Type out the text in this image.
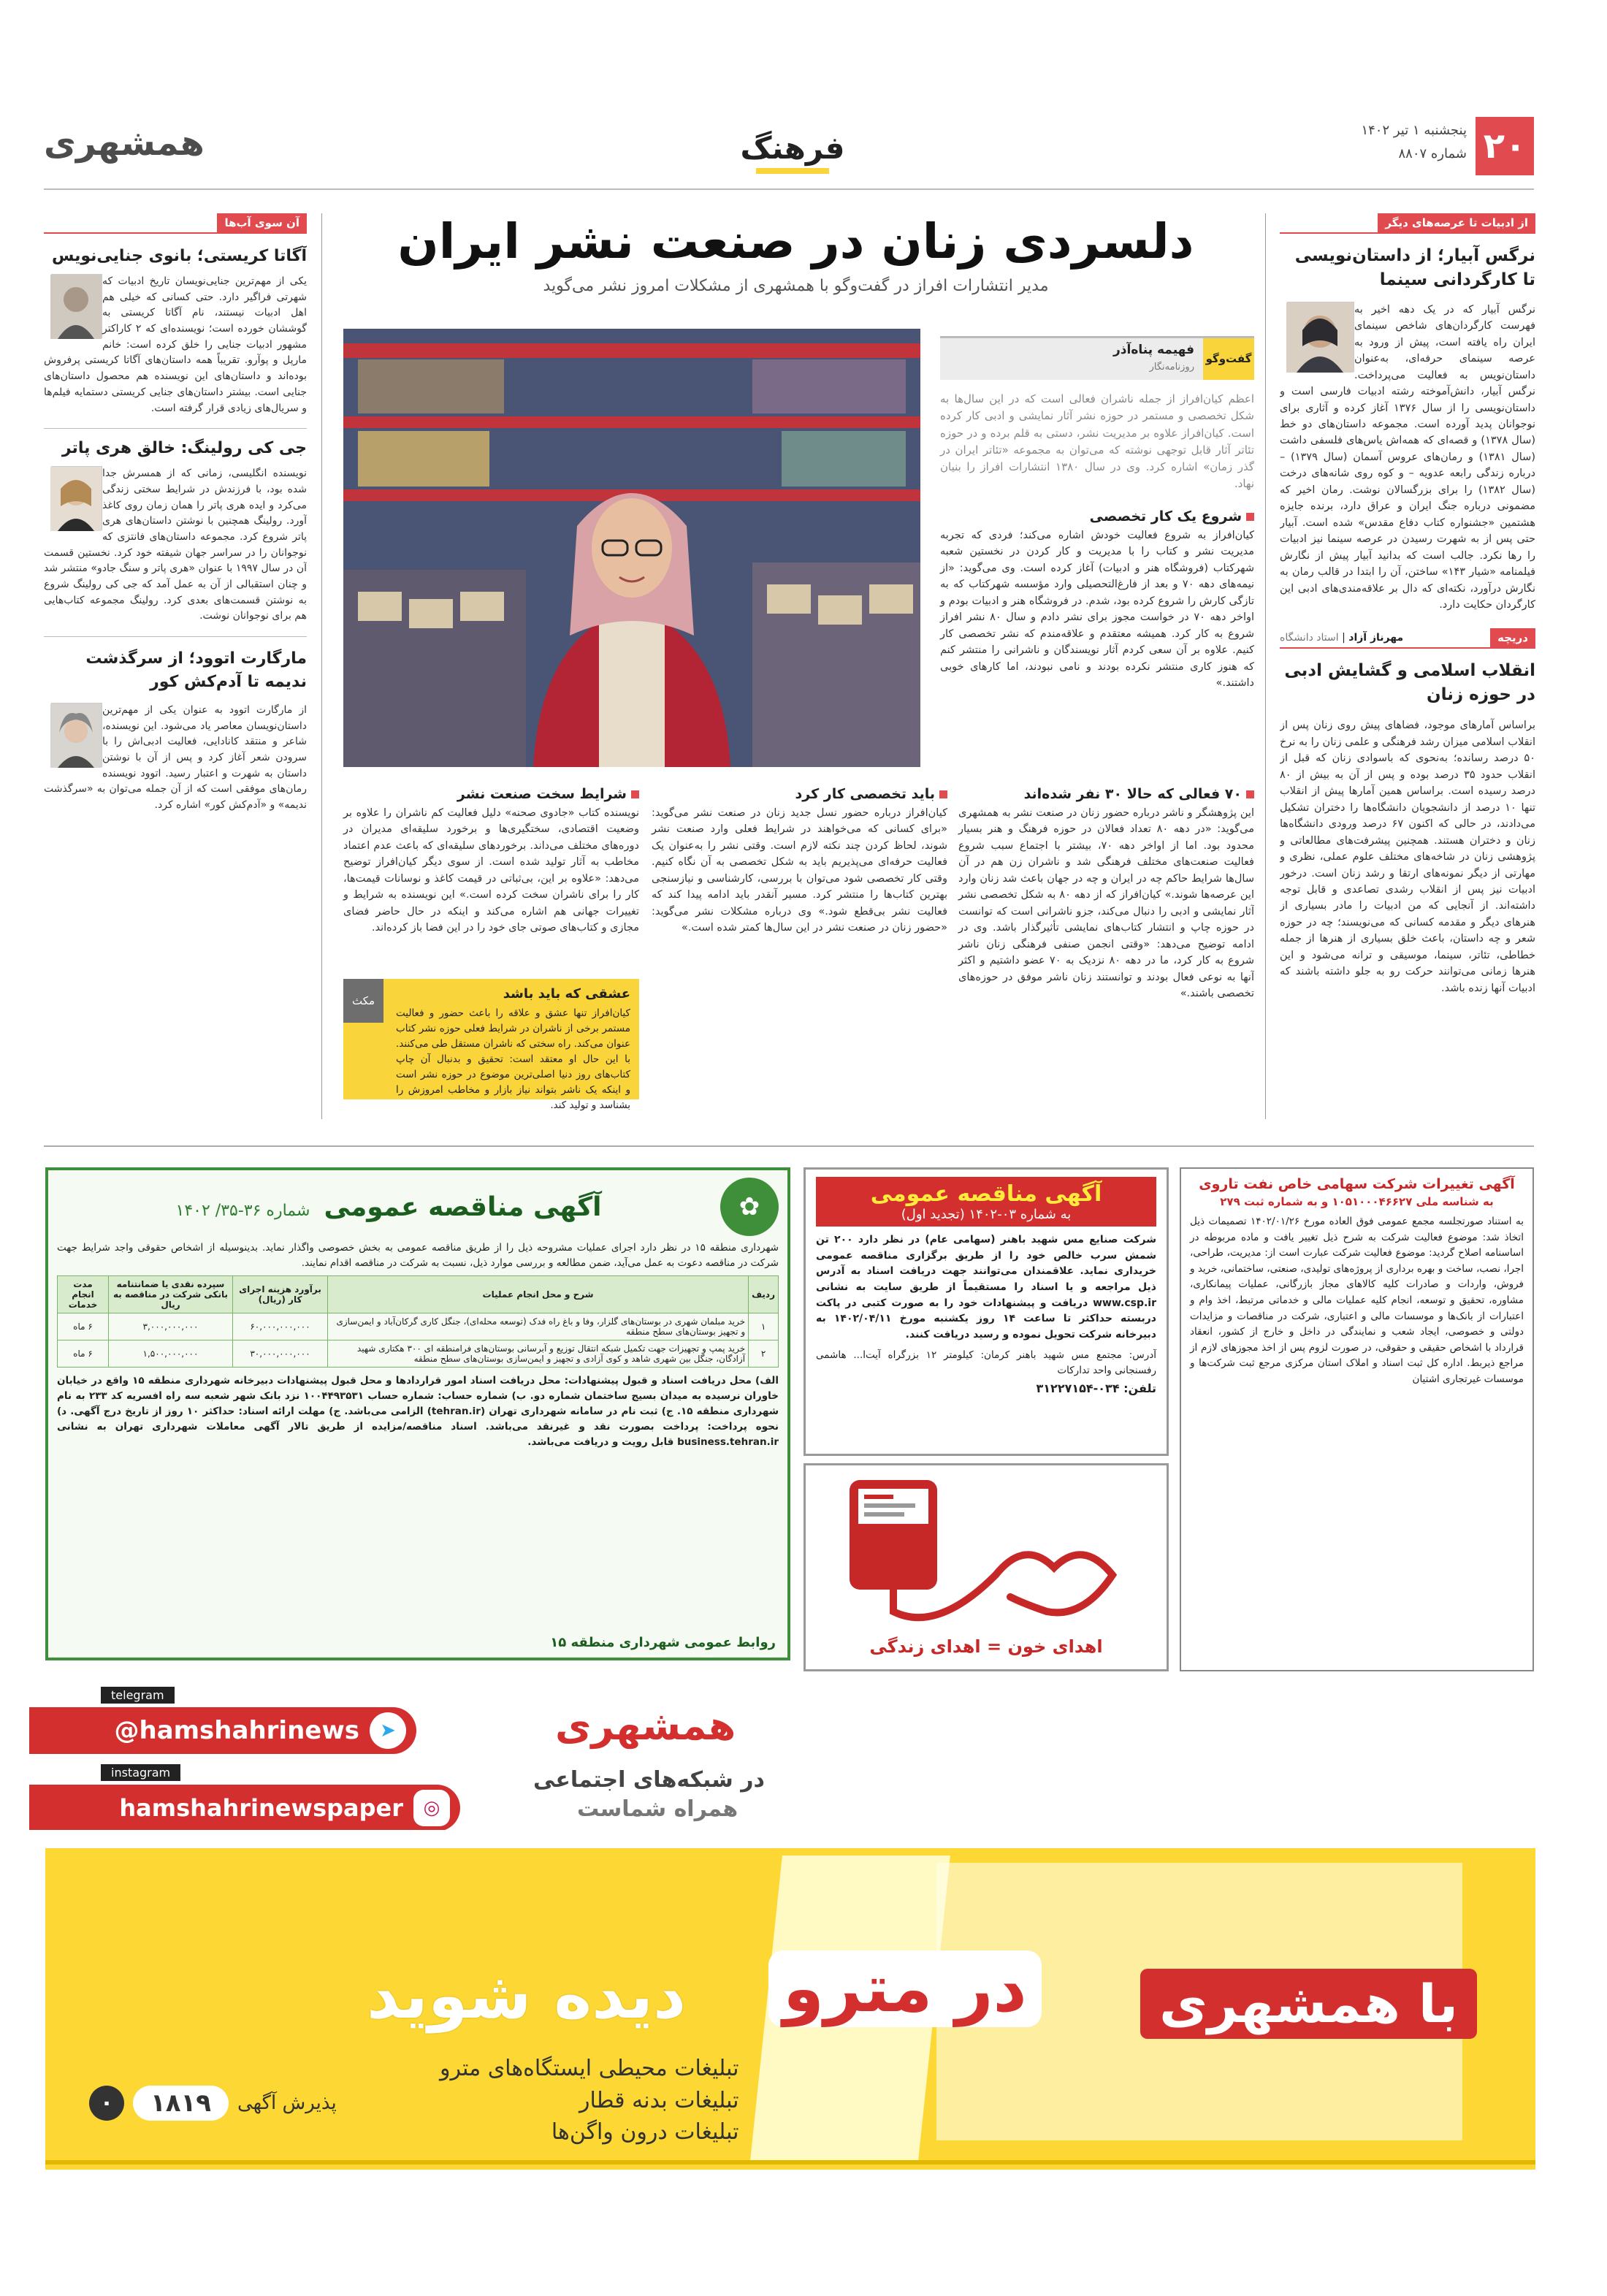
۲۰
پنجشنبه ۱ تیر ۱۴۰۲
شماره ۸۸۰۷
فرهنگ
همشهری
از ادبیات تا عرصه‌های دیگر
نرگس آبیار؛ از داستان‌نویسی تا کارگردانی سینما

نرگس آبیار که در یک دهه اخیر به فهرست کارگردان‌های شاخص سینمای ایران راه یافته است، پیش از ورود به عرصه سینمای حرفه‌ای، به‌عنوان داستان‌نویس به فعالیت می‌پرداخت. نرگس آبیار، دانش‌آموخته رشته ادبیات فارسی است و داستان‌نویسی را از سال ۱۳۷۶ آغاز کرده و آثاری برای نوجوانان پدید آورده است. مجموعه داستان‌های دو خط (سال ۱۳۷۸) و قصه‌ای که همه‌اش ‌یاس‌های فلسفی داشت (سال ۱۳۸۱) و رمان‌های عروس آسمان (سال ۱۳۷۹) – درباره زندگی رابعه عدویه – و کوه روی شانه‌های درخت (سال ۱۳۸۲) را برای بزرگسالان نوشت. رمان اخیر که مضمونی درباره جنگ ایران و عراق دارد، برنده جایزه هشتمین «جشنواره کتاب دفاع مقدس» شده است. آبیار حتی پس از به شهرت رسیدن در عرصه سینما نیز ادبیات را رها نکرد. جالب است که بدانید آبیار پیش از نگارش فیلمنامه «شیار ۱۴۳» ساختن، آن را ابتدا در قالب رمان به نگارش درآورد، نکته‌ای که دال بر علاقه‌مندی‌های ادبی این کارگردان حکایت دارد.

دریچه
مهرناز آزاد | استاد دانشگاه
انقلاب اسلامی و گشایش ادبی در حوزه زنان

براساس آمارهای موجود، فضاهای پیش روی زنان پس از انقلاب اسلامی میزان رشد فرهنگی و علمی زنان را به نرخ ۵۰ درصد رسانده؛ به‌نحوی که باسوادی زنان که قبل از انقلاب حدود ۳۵ درصد بوده و پس از آن به بیش از ۸۰ درصد رسیده است. براساس همین آمارها پیش از انقلاب تنها ۱۰ درصد از دانشجویان دانشگاه‌ها را دختران تشکیل می‌دادند، در حالی که اکنون ۶۷ درصد ورودی دانشگاه‌ها زنان و دختران هستند. همچنین پیشرفت‌های مطالعاتی و پژوهشی زنان در شاخه‌های مختلف علوم عملی، نظری و مهارتی از دیگر نمونه‌های ارتقا و رشد زنان است. درخور ادبیات نیز پس از انقلاب رشدی تصاعدی و قابل توجه داشته‌اند. از آنجایی که من ادبیات را مادر بسیاری از هنرهای دیگر و مقدمه کسانی که می‌نویسند؛ چه در حوزه شعر و چه داستان، باعث خلق بسیاری از هنرها از جمله خطاطی، تئاتر، سینما، موسیقی و ترانه می‌شود و این هنرها زمانی می‌توانند حرکت رو به جلو داشته باشند که ادبیات آنها زنده باشد.

دلسردی زنان در صنعت نشر ایران
مدیر انتشارات افراز در گفت‌وگو با همشهری از مشکلات امروز نشر می‌گوید
گفت‌وگو
فهیمه پناه‌آذر
روزنامه‌نگار

اعظم کیان‌افراز از جمله ناشران فعالی است که در این سال‌ها به شکل تخصصی و مستمر در حوزه نشر آثار نمایشی و ادبی کار کرده است. کیان‌افراز علاوه بر مدیریت نشر، دستی به قلم برده و در حوزه تئاتر آثار قابل توجهی نوشته که می‌توان به مجموعه «تئاتر ایران در گذر زمان» اشاره کرد. وی در سال ۱۳۸۰ انتشارات افراز را بنیان نهاد.

شروع یک کار تخصصی

کیان‌افراز به شروع فعالیت خودش اشاره می‌کند؛ فردی که تجربه مدیریت نشر و کتاب را با مدیریت و کار کردن در نخستین شعبه شهرکتاب (فروشگاه هنر و ادبیات) آغاز کرده است. وی می‌گوید: «از نیمه‌های دهه ۷۰ و بعد از فارغ‌التحصیلی وارد مؤسسه شهرکتاب که به تازگی کارش را شروع کرده بود، شدم. در فروشگاه هنر و ادبیات بودم و اواخر دهه ۷۰ در خواست مجوز برای نشر دادم و سال ۸۰ نشر افراز شروع به کار کرد. همیشه معتقدم و علاقه‌مندم که نشر تخصصی کار کنیم. علاوه بر آن سعی کردم آثار نویسندگان و ناشرانی را منتشر کنم که هنوز کاری منتشر نکرده بودند و نامی نبودند، اما کارهای خوبی داشتند.»

۷۰ فعالی که حالا ۳۰ نفر شده‌اند

این پژوهشگر و ناشر درباره حضور زنان در صنعت نشر به همشهری می‌گوید: «در دهه ۸۰ تعداد فعالان در حوزه فرهنگ و هنر بسیار محدود بود. اما از اواخر دهه ۷۰، بیشتر با اجتماع سبب شروع فعالیت صنعت‌های مختلف فرهنگی شد و ناشران زن هم در آن سال‌ها شرایط حاکم چه در ایران و چه در جهان باعث شد زنان وارد این عرصه‌ها شوند.» کیان‌افراز که از دهه ۸۰ به شکل تخصصی نشر آثار نمایشی و ادبی را دنبال می‌کند، جزو ناشرانی است که توانست در حوزه چاپ و انتشار کتاب‌های نمایشی تأثیرگذار باشد. وی در ادامه توضیح می‌دهد: «وقتی انجمن صنفی فرهنگی زنان ناشر شروع به کار کرد، ما در دهه ۸۰ نزدیک به ۷۰ عضو داشتیم و اکثر آنها به نوعی فعال بودند و توانستند زنان ناشر موفق در حوزه‌های تخصصی باشند.»

باید تخصصی کار کرد

کیان‌افراز درباره حضور نسل جدید زنان در صنعت نشر می‌گوید: «برای کسانی که می‌خواهند در شرایط فعلی وارد صنعت نشر شوند، لحاظ کردن چند نکته لازم است. وقتی نشر را به‌عنوان یک فعالیت حرفه‌ای می‌پذیریم باید به شکل تخصصی به آن نگاه کنیم. وقتی کار تخصصی شود می‌توان با بررسی، کارشناسی و نیازسنجی بهترین کتاب‌ها را منتشر کرد. مسیر آنقدر باید ادامه پیدا کند که فعالیت نشر بی‌قطع شود.» وی درباره مشکلات نشر می‌گوید: «حضور زنان در صنعت نشر در این سال‌ها کمتر شده است.»

شرایط سخت صنعت نشر

نویسنده کتاب «جادوی صحنه» دلیل فعالیت کم ناشران را علاوه بر وضعیت اقتصادی، سختگیری‌ها و برخورد سلیقه‌ای مدیران در دوره‌های مختلف می‌داند. برخوردهای سلیقه‌ای که باعث عدم اعتماد مخاطب به آثار تولید شده است. از سوی دیگر کیان‌افراز توضیح می‌دهد: «علاوه بر این، بی‌ثباتی در قیمت کاغذ و نوسانات قیمت‌ها، کار را برای ناشران سخت کرده است.» این نویسنده به شرایط و تغییرات جهانی هم اشاره می‌کند و اینکه در حال حاضر فضای مجازی و کتاب‌های صوتی جای خود را در این فضا باز کرده‌اند.

مکث	عشقی که باید باشد

کیان‌افراز تنها عشق و علاقه را باعث حضور و فعالیت مستمر برخی از ناشران در شرایط فعلی حوزه نشر کتاب عنوان می‌کند. راه سختی که ناشران مستقل طی می‌کنند. با این حال او معتقد است: تحقیق و بدنبال آن چاپ کتاب‌های روز دنیا اصلی‌ترین موضوع در حوزه نشر است و اینکه یک ناشر بتواند نیاز بازار و مخاطب امروزش را بشناسد و تولید کند.

آن سوی آب‌ها
آگاتا کریستی؛ بانوی جنایی‌نویس

یکی از مهم‌ترین جنایی‌نویسان تاریخ ادبیات که شهرتی فراگیر دارد. حتی کسانی که خیلی هم اهل ادبیات نیستند، نام آگاتا کریستی به گوششان خورده است؛ نویسنده‌ای که ۲ کاراکتر مشهور ادبیات جنایی را خلق کرده است: خانم مارپل و پوآرو. تقریباً همه داستان‌های آگاتا کریستی پرفروش بوده‌اند و داستان‌های این نویسنده هم محصول داستان‌های جنایی است. بیشتر داستان‌های جنایی کریستی دستمایه فیلم‌ها و سریال‌های زیادی قرار گرفته است.

جی کی رولینگ: خالق هری پاتر

نویسنده انگلیسی، زمانی که از همسرش جدا شده بود، با فرزندش در شرایط سختی زندگی می‌کرد و ایده هری پاتر را همان زمان روی کاغذ آورد. رولینگ همچنین با نوشتن داستان‌های هری پاتر شروع کرد. مجموعه داستان‌های فانتزی که نوجوانان را در سراسر جهان شیفته خود کرد. نخستین قسمت آن در سال ۱۹۹۷ با عنوان «هری پاتر و سنگ جادو» منتشر شد و چنان استقبالی از آن به عمل آمد که جی کی رولینگ شروع به نوشتن قسمت‌های بعدی کرد. رولینگ مجموعه کتاب‌هایی هم برای نوجوانان نوشت.

مارگارت اتوود؛ از سرگذشت ندیمه تا آدم‌کش کور

از مارگارت اتوود به عنوان یکی از مهم‌ترین داستان‌نویسان معاصر یاد می‌شود. این نویسنده، شاعر و منتقد کانادایی، فعالیت ادبی‌اش را با سرودن شعر آغاز کرد و پس از آن با نوشتن داستان به شهرت و اعتبار رسید. اتوود نویسنده رمان‌های موفقی است که از آن جمله می‌توان به «سرگذشت ندیمه» و «آدم‌کش کور» اشاره کرد.

✿
آگهی مناقصه عمومی شماره ۳۶-۳۵/ ۱۴۰۲

شهرداری منطقه ۱۵ در نظر دارد اجرای عملیات مشروحه ذیل را از طریق مناقصه عمومی به بخش خصوصی واگذار نماید. بدینوسیله از اشخاص حقوقی واجد شرایط جهت شرکت در مناقصه دعوت به عمل می‌آید، ضمن مطالعه و بررسی موارد ذیل، نسبت به شرکت در مناقصه اقدام نمایند.

ردیف	شرح و محل انجام عملیات	برآورد هزینه اجرای کار (ریال)	سپرده نقدی یا ضمانتنامه بانکی شرکت در مناقصه به ریال	مدت انجام خدمات
۱	خرید مبلمان شهری در بوستان‌های گلزار، وفا و باغ راه فدک (توسعه محله‌ای)، جنگل کاری گرکان‌آباد و ایمن‌سازی و تجهیز بوستان‌های سطح منطقه	۶۰,۰۰۰,۰۰۰,۰۰۰	۳,۰۰۰,۰۰۰,۰۰۰	۶ ماه
۲	خرید پمپ و تجهیزات جهت تکمیل شبکه انتقال توزیع و آبرسانی بوستان‌های فرامنطقه ای ۳۰۰ هکتاری شهید آزادگان، جنگل بین شهری شاهد و کوی آزادی و تجهیز و ایمن‌سازی بوستان‌های سطح منطقه	۳۰,۰۰۰,۰۰۰,۰۰۰	۱,۵۰۰,۰۰۰,۰۰۰	۶ ماه

الف) محل دریافت اسناد و قبول پیشنهادات: محل دریافت اسناد امور قراردادها و محل قبول پیشنهادات دبیرخانه شهرداری منطقه ۱۵ واقع در خیابان خاوران نرسیده به میدان بسیج ساختمان شماره دو. ب) شماره حساب: شماره حساب ۱۰۰۴۴۹۳۵۳۱ نزد بانک شهر شعبه سه راه افسریه کد ۲۳۳ به نام شهرداری منطقه ۱۵. ج) ثبت نام در سامانه شهرداری تهران (tehran.ir) الزامی می‌باشد. ج) مهلت ارائه اسناد: حداکثر ۱۰ روز از تاریخ درج آگهی. د) نحوه پرداخت: پرداخت بصورت نقد و غیرنقد می‌باشد. اسناد مناقصه/مزایده از طریق تالار آگهی معاملات شهرداری تهران به نشانی business.tehran.ir قابل رویت و دریافت می‌باشد.

روابط عمومی شهرداری منطقه ۱۵
آگهی مناقصه عمومی
به شماره ۰۳-۱۴۰۲ (تجدید اول)

شرکت صنایع مس شهید باهنر (سهامی عام) در نظر دارد ۲۰۰ تن شمش سرب خالص خود را از طریق برگزاری مناقصه عمومی خریداری نماید. علاقمندان می‌توانند جهت دریافت اسناد به آدرس ذیل مراجعه و یا اسناد را مستقیماً از طریق سایت به نشانی www.csp.ir دریافت و پیشنهادات خود را به صورت کتبی در پاکت دربسته حداکثر تا ساعت ۱۴ روز یکشنبه مورخ ۱۴۰۲/۰۴/۱۱ به دبیرخانه شرکت تحویل نموده و رسید دریافت کنند.

آدرس: مجتمع مس شهید باهنر کرمان: کیلومتر ۱۲ بزرگراه آیت‌ا... هاشمی رفسنجانی واحد تدارکات

تلفن: ۰۳۴-۳۱۲۲۷۱۵۴
اهدای خون = اهدای زندگی
آگهی تغییرات شرکت سهامی خاص نفت تاروی
به شناسه ملی ۱۰۵۱۰۰۰۴۶۶۲۷ و به شماره ثبت ۲۷۹

به استناد صورتجلسه مجمع عمومی فوق العاده مورخ ۱۴۰۲/۰۱/۲۶ تصمیمات ذیل اتخاذ شد: موضوع فعالیت شرکت به شرح ذیل تغییر یافت و ماده مربوطه در اساسنامه اصلاح گردید: موضوع فعالیت شرکت عبارت است از: مدیریت، طراحی، اجرا، نصب، ساخت و بهره برداری از پروژه‌های تولیدی، صنعتی، ساختمانی، خرید و فروش، واردات و صادرات کلیه کالاهای مجاز بازرگانی، عملیات پیمانکاری، مشاوره، تحقیق و توسعه، انجام کلیه عملیات مالی و خدماتی مرتبط، اخذ وام و اعتبارات از بانک‌ها و موسسات مالی و اعتباری، شرکت در مناقصات و مزایدات دولتی و خصوصی، ایجاد شعب و نمایندگی در داخل و خارج از کشور، انعقاد قرارداد با اشخاص حقیقی و حقوقی، در صورت لزوم پس از اخذ مجوزهای لازم از مراجع ذیربط. اداره کل ثبت اسناد و املاک استان مرکزی مرجع ثبت شرکت‌ها و موسسات غیرتجاری اشتیان

telegram
➤
@hamshahrinews
instagram
◎
hamshahrinewspaper
همشهری
در شبکه‌های اجتماعی
همراه شماست
با همشهری
در مترو
دیده شوید
تبلیغات محیطی ایستگاه‌های مترو
تبلیغات بدنه قطار
تبلیغات درون واگن‌ها
پذیرش آگهی
۱۸۱۹
۰
